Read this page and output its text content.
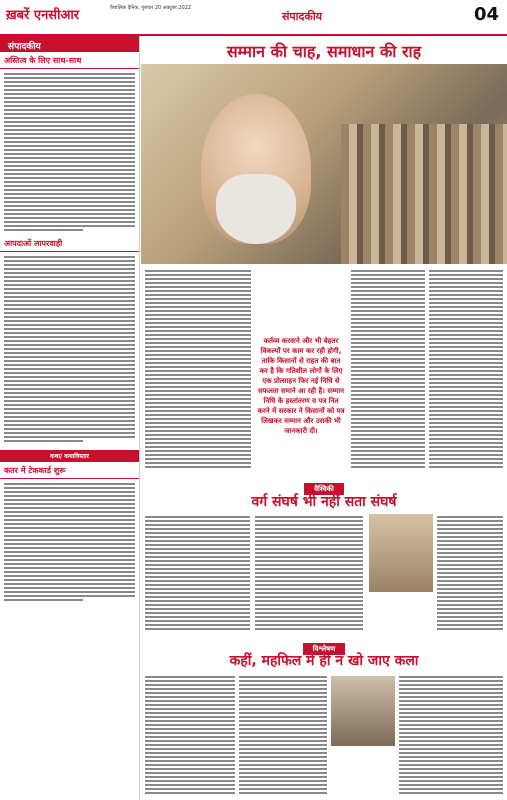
ख़बरें एनसीआर	वैशालिक दैनिक, गुरुवार 20 अक्टूबर 2022
संपादकीय	04
संपादकीय
अस्तित्व के लिए साथ-साथ
आपदाओं लापरवाही
कथा/ कथाविस्तार
कतर में टेककार्ड शुरू
सम्मान की चाह, समाधान की राह
कर्तव्य करवाने और भी बेहतर विकल्पों पर काम कर रही होगी, ताकि किसानों से राहत की बात कर है कि गतिशील लोगों के लिए एक प्रोत्साहन फिर नई निधि से सफलता समाने आ रही है। सम्मान निधि के हस्तांतरण व पत्र नित करने में सरकार ने किसानों को पत्र लिखकर सम्मान और उसकी भी जानकारी दी।
वैश्विकी
वर्ग संघर्ष भी नहीं सता संघर्ष
विश्लेषण
कहीं, महफिल में ही न खो जाए कला
